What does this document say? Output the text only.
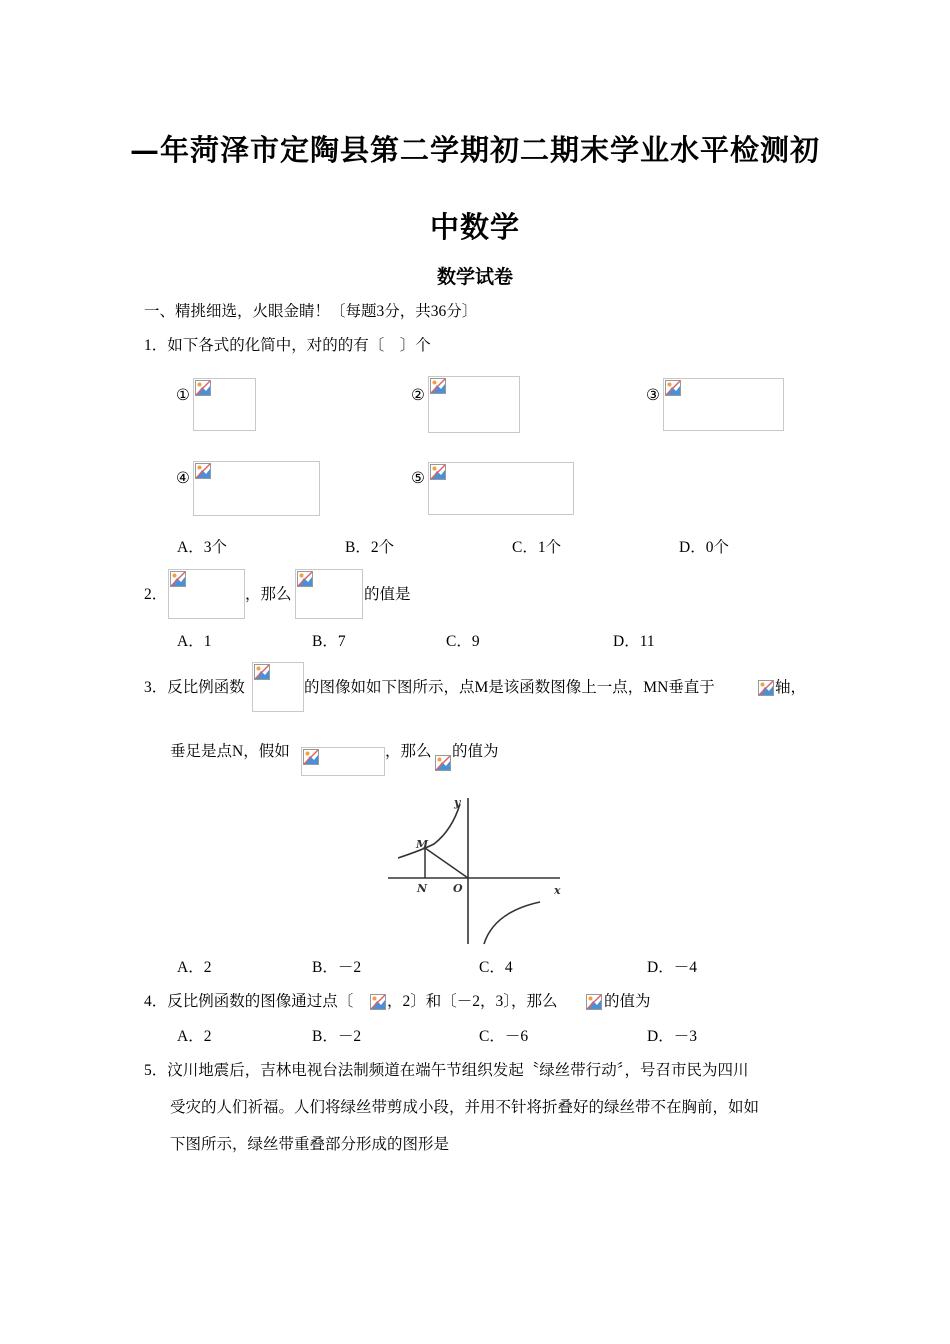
—年菏泽市定陶县第二学期初二期末学业水平检测初
中数学
数学试卷
一、精挑细选，火眼金睛！〔每题3分，共36分〕
1．如下各式的化简中，对的的有〔　〕个
①	②	③
④	⑤
A．3个	B．2个	C．1个	D．0个
2．	，那么	的值是
A．1	B．7	C．9	D．11
3．反比例函数	的图像如如下图所示，点M是该函数图像上一点，MN垂直于	轴，
垂足是点N，假如	，那么 的值为
y
x
M
N O
A．2	B．－2	C．4	D．－4
4．反比例函数的图像通过点〔 ，2〕和〔－2，3〕，那么	的值为
A．2	B．－2	C．－6	D．－3
5．汶川地震后，吉林电视台法制频道在端午节组织发起〝绿丝带行动〞，号召市民为四川
受灾的人们祈福。人们将绿丝带剪成小段，并用不针将折叠好的绿丝带不在胸前，如如
下图所示，绿丝带重叠部分形成的图形是
